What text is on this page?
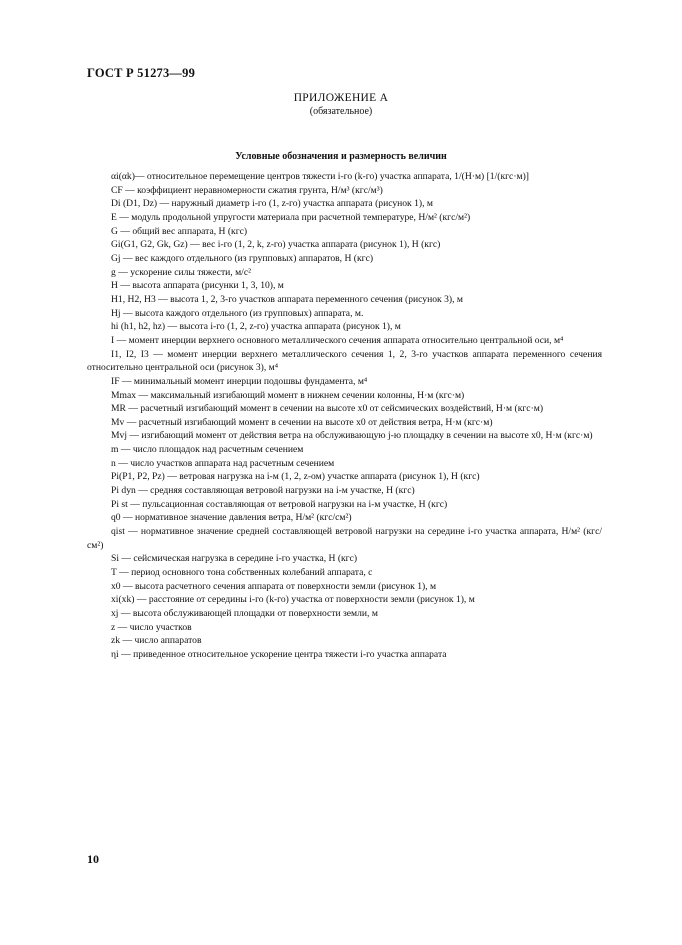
ГОСТ Р 51273—99
ПРИЛОЖЕНИЕ А
(обязательное)
Условные обозначения и размерность величин
αi(αk)— относительное перемещение центров тяжести i-го (k-го) участка аппарата, 1/(Н·м) [1/(кгс·м)]
CF — коэффициент неравномерности сжатия грунта, Н/м³ (кгс/м³)
Di (D1, Dz) — наружный диаметр i-го (1, z-го) участка аппарата (рисунок 1), м
E — модуль продольной упругости материала при расчетной температуре, Н/м² (кгс/м²)
G — общий вес аппарата, Н (кгс)
Gi(G1, G2, Gk, Gz) — вес i-го (1, 2, k, z-го) участка аппарата (рисунок 1), Н (кгс)
Gj — вес каждого отдельного (из групповых) аппаратов, Н (кгс)
g — ускорение силы тяжести, м/с²
H — высота аппарата (рисунки 1, 3, 10), м
H1, H2, H3 — высота 1, 2, 3-го участков аппарата переменного сечения (рисунок 3), м
Hj — высота каждого отдельного (из групповых) аппарата, м.
hi (h1, h2, hz) — высота i-го (1, 2, z-го) участка аппарата (рисунок 1), м
I — момент инерции верхнего основного металлического сечения аппарата относительно центральной оси, м⁴
I1, I2, I3 — момент инерции верхнего металлического сечения 1, 2, 3-го участков аппарата переменного сечения относительно центральной оси (рисунок 3), м⁴
IF — минимальный момент инерции подошвы фундамента, м⁴
Mmax — максимальный изгибающий момент в нижнем сечении колонны, Н·м (кгс·м)
MR — расчетный изгибающий момент в сечении на высоте x0 от сейсмических воздействий, Н·м (кгс·м)
Mv — расчетный изгибающий момент в сечении на высоте x0 от действия ветра, Н·м (кгс·м)
Mvj — изгибающий момент от действия ветра на обслуживающую j-ю площадку в сечении на высоте x0, Н·м (кгс·м)
m — число площадок над расчетным сечением
n — число участков аппарата над расчетным сечением
Pi(P1, P2, Pz) — ветровая нагрузка на i-м (1, 2, z-ом) участке аппарата (рисунок 1), Н (кгс)
Pi dyn — средняя составляющая ветровой нагрузки на i-м участке, Н (кгс)
Pi st — пульсационная составляющая от ветровой нагрузки на i-м участке, Н (кгс)
q0 — нормативное значение давления ветра, Н/м² (кгс/см²)
qist — нормативное значение средней составляющей ветровой нагрузки на середине i-го участка аппарата, Н/м² (кгс/см²)
Si — сейсмическая нагрузка в середине i-го участка, Н (кгс)
T — период основного тона собственных колебаний аппарата, с
x0 — высота расчетного сечения аппарата от поверхности земли (рисунок 1), м
xi(xk) — расстояние от середины i-го (k-го) участка от поверхности земли (рисунок 1), м
xj — высота обслуживающей площадки от поверхности земли, м
z — число участков
zk — число аппаратов
ηi — приведенное относительное ускорение центра тяжести i-го участка аппарата
10
